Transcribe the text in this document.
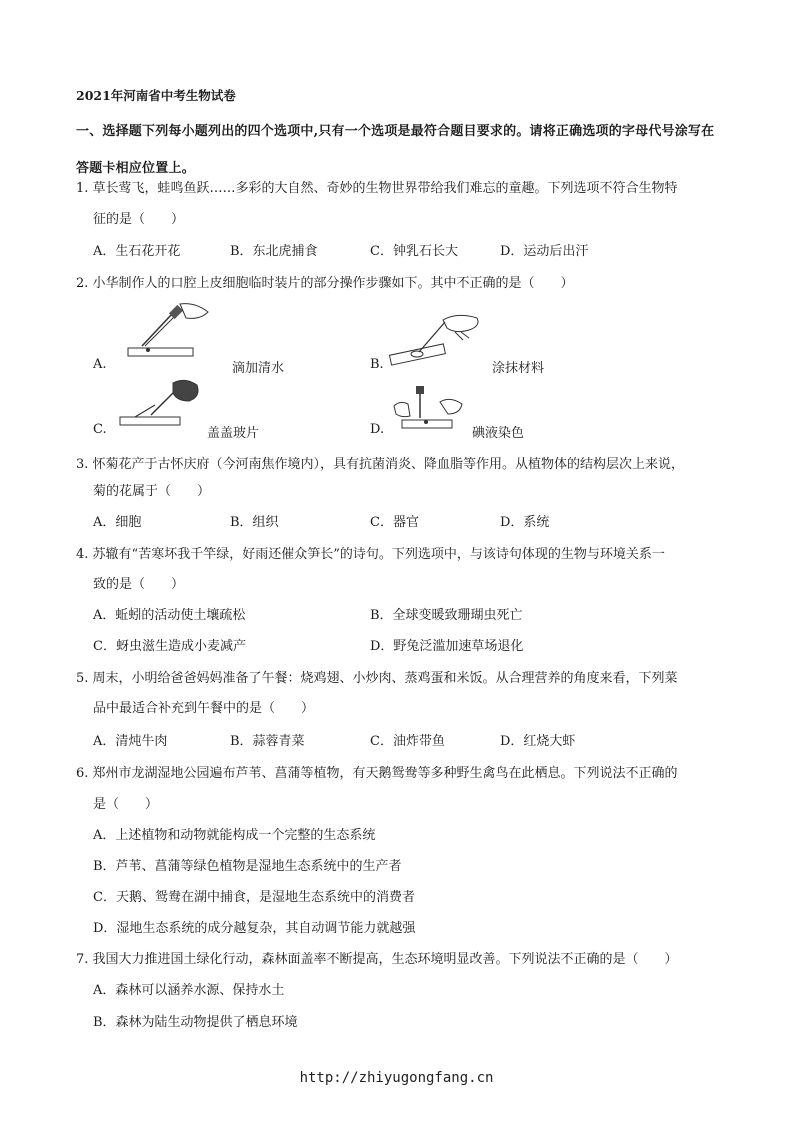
2021年河南省中考生物试卷
一、选择题下列每小题列出的四个选项中,只有一个选项是最符合题目要求的。请将正确选项的字母代号涂写在答题卡相应位置上。
1. 草长莺飞，蛙鸣鱼跃……多彩的大自然、奇妙的生物世界带给我们难忘的童趣。下列选项不符合生物特
征的是（　　）
A．生石花开花	B．东北虎捕食	C．钟乳石长大	D．运动后出汗
2. 小华制作人的口腔上皮细胞临时装片的部分操作步骤如下。其中不正确的是（　　）
A.	滴加清水	B.	涂抹材料
C.	盖盖玻片	D.	碘液染色
3. 怀菊花产于古怀庆府（今河南焦作境内），具有抗菌消炎、降血脂等作用。从植物体的结构层次上来说，
菊的花属于（　　）
A．细胞	B．组织	C．器官	D．系统
4. 苏辙有“苦寒坏我千竿绿，好雨还催众笋长”的诗句。下列选项中，与该诗句体现的生物与环境关系一
致的是（　　）
A．蚯蚓的活动使土壤疏松	B．全球变暖致珊瑚虫死亡
C．蚜虫滋生造成小麦减产	D．野兔泛滥加速草场退化
5. 周末，小明给爸爸妈妈准备了午餐：烧鸡翅、小炒肉、蒸鸡蛋和米饭。从合理营养的角度来看，下列菜
品中最适合补充到午餐中的是（　　）
A．清炖牛肉	B．蒜蓉青菜	C．油炸带鱼	D．红烧大虾
6. 郑州市龙湖湿地公园遍布芦苇、菖蒲等植物，有天鹅鸳鸯等多种野生禽鸟在此栖息。下列说法不正确的
是（　　）
A．上述植物和动物就能构成一个完整的生态系统
B．芦苇、菖蒲等绿色植物是湿地生态系统中的生产者
C．天鹅、鸳鸯在湖中捕食，是湿地生态系统中的消费者
D．湿地生态系统的成分越复杂，其自动调节能力就越强
7. 我国大力推进国土绿化行动，森林面盖率不断提高，生态环境明显改善。下列说法不正确的是（　　）
A．森林可以涵养水源、保持水土
B．森林为陆生动物提供了栖息环境
http://zhiyugongfang.cn
